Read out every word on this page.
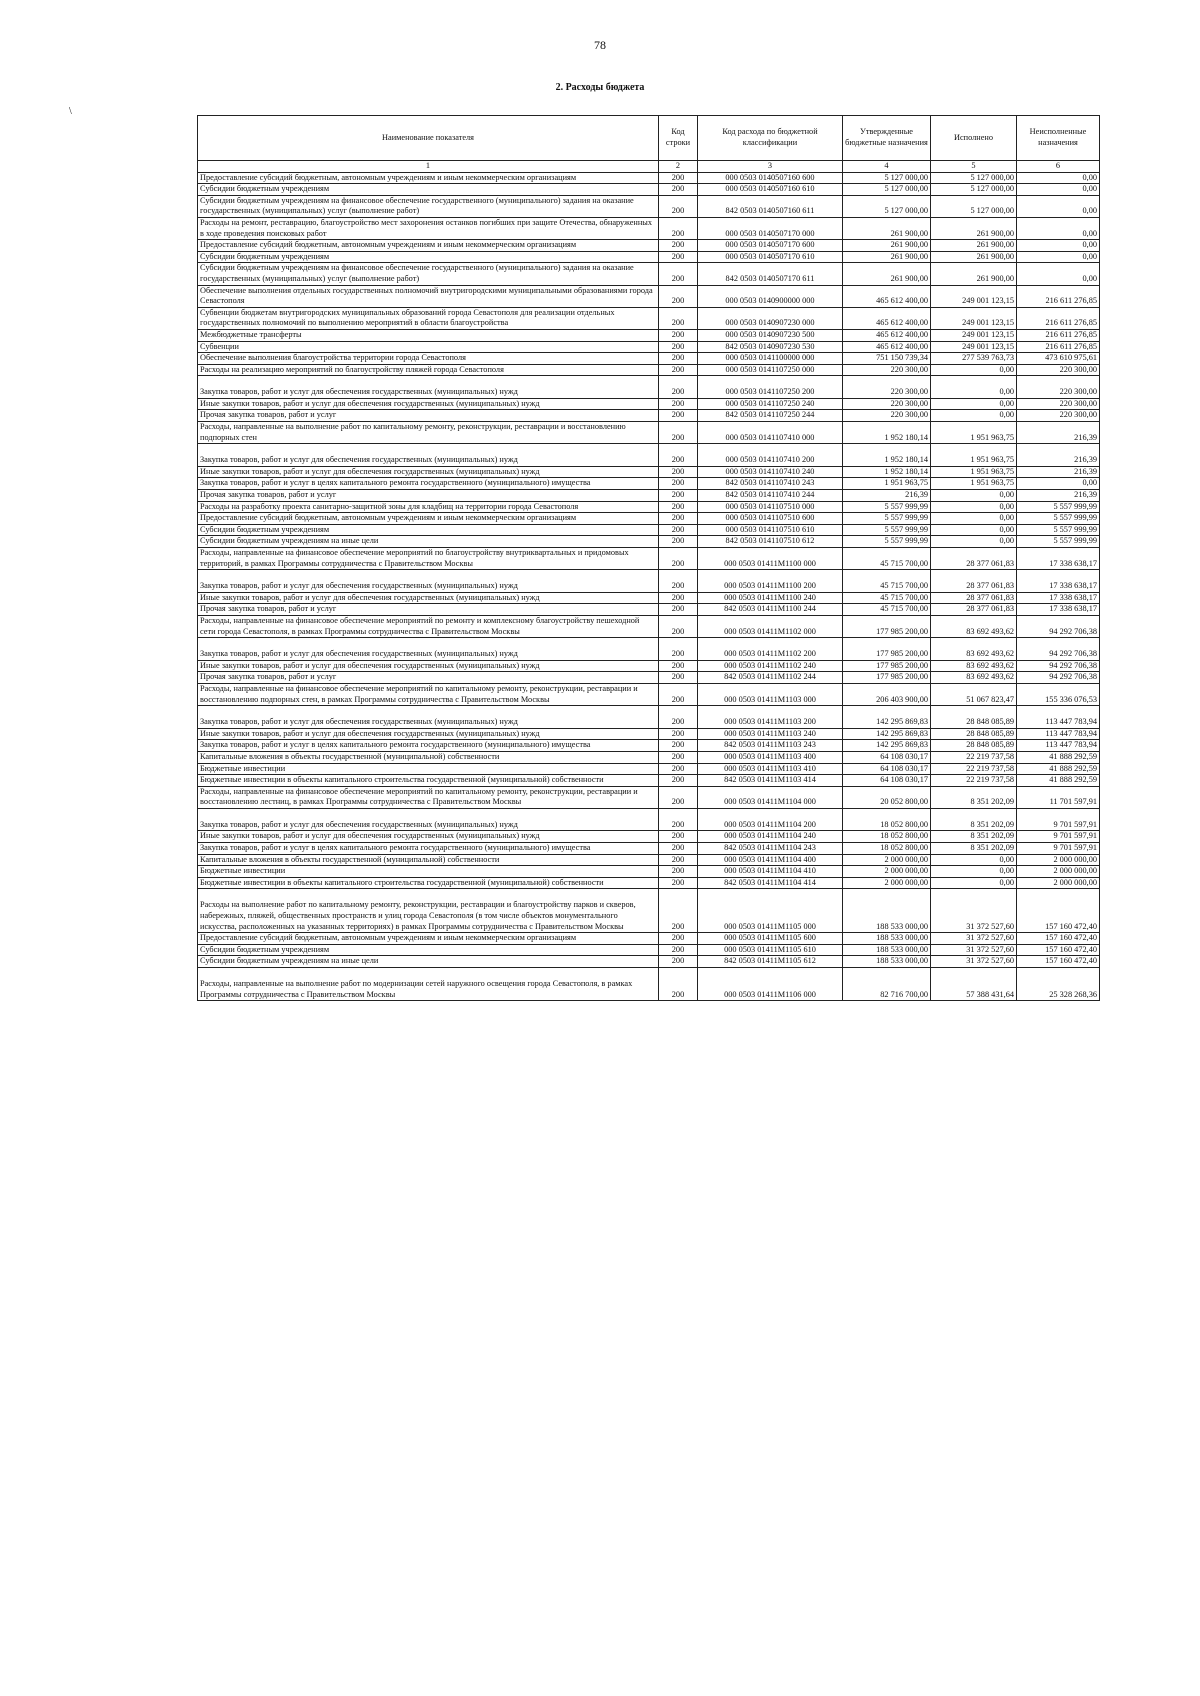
78
2. Расходы бюджета
\
Наименование показателя	Код строки	Код расхода по бюджетной классификации	Утвержденные бюджетные назначения	Исполнено	Неисполненные назначения
1	2	3	4	5	6
Предоставление субсидий бюджетным, автономным учреждениям и иным некоммерческим организациям	200	000 0503 0140507160 600	5 127 000,00	5 127 000,00	0,00
Субсидии бюджетным учреждениям	200	000 0503 0140507160 610	5 127 000,00	5 127 000,00	0,00
Субсидии бюджетным учреждениям на финансовое обеспечение государственного (муниципального) задания на оказание государственных (муниципальных) услуг (выполнение работ)	200	842 0503 0140507160 611	5 127 000,00	5 127 000,00	0,00
Расходы на ремонт, реставрацию, благоустройство мест захоронения останков погибших при защите Отечества, обнаруженных в ходе проведения поисковых работ	200	000 0503 0140507170 000	261 900,00	261 900,00	0,00
Предоставление субсидий бюджетным, автономным учреждениям и иным некоммерческим организациям	200	000 0503 0140507170 600	261 900,00	261 900,00	0,00
Субсидии бюджетным учреждениям	200	000 0503 0140507170 610	261 900,00	261 900,00	0,00
Субсидии бюджетным учреждениям на финансовое обеспечение государственного (муниципального) задания на оказание государственных (муниципальных) услуг (выполнение работ)	200	842 0503 0140507170 611	261 900,00	261 900,00	0,00
Обеспечение выполнения отдельных государственных полномочий внутригородскими муниципальными образованиями города Севастополя	200	000 0503 0140900000 000	465 612 400,00	249 001 123,15	216 611 276,85
Субвенции бюджетам внутригородских муниципальных образований города Севастополя для реализации отдельных государственных полномочий по выполнению мероприятий в области благоустройства	200	000 0503 0140907230 000	465 612 400,00	249 001 123,15	216 611 276,85
Межбюджетные трансферты	200	000 0503 0140907230 500	465 612 400,00	249 001 123,15	216 611 276,85
Субвенции	200	842 0503 0140907230 530	465 612 400,00	249 001 123,15	216 611 276,85
Обеспечение выполнения благоустройства территории города Севастополя	200	000 0503 0141100000 000	751 150 739,34	277 539 763,73	473 610 975,61
Расходы на реализацию мероприятий по благоустройству пляжей города Севастополя	200	000 0503 0141107250 000	220 300,00	0,00	220 300,00
Закупка товаров, работ и услуг для обеспечения государственных (муниципальных) нужд	200	000 0503 0141107250 200	220 300,00	0,00	220 300,00
Иные закупки товаров, работ и услуг для обеспечения государственных (муниципальных) нужд	200	000 0503 0141107250 240	220 300,00	0,00	220 300,00
Прочая закупка товаров, работ и услуг	200	842 0503 0141107250 244	220 300,00	0,00	220 300,00
Расходы, направленные на выполнение работ по капитальному ремонту, реконструкции, реставрации и восстановлению подпорных стен	200	000 0503 0141107410 000	1 952 180,14	1 951 963,75	216,39
Закупка товаров, работ и услуг для обеспечения государственных (муниципальных) нужд	200	000 0503 0141107410 200	1 952 180,14	1 951 963,75	216,39
Иные закупки товаров, работ и услуг для обеспечения государственных (муниципальных) нужд	200	000 0503 0141107410 240	1 952 180,14	1 951 963,75	216,39
Закупка товаров, работ и услуг в целях капитального ремонта государственного (муниципального) имущества	200	842 0503 0141107410 243	1 951 963,75	1 951 963,75	0,00
Прочая закупка товаров, работ и услуг	200	842 0503 0141107410 244	216,39	0,00	216,39
Расходы на разработку проекта санитарно-защитной зоны для кладбищ на территории города Севастополя	200	000 0503 0141107510 000	5 557 999,99	0,00	5 557 999,99
Предоставление субсидий бюджетным, автономным учреждениям и иным некоммерческим организациям	200	000 0503 0141107510 600	5 557 999,99	0,00	5 557 999,99
Субсидии бюджетным учреждениям	200	000 0503 0141107510 610	5 557 999,99	0,00	5 557 999,99
Субсидии бюджетным учреждениям на иные цели	200	842 0503 0141107510 612	5 557 999,99	0,00	5 557 999,99
Расходы, направленные на финансовое обеспечение мероприятий по благоустройству внутриквартальных и придомовых территорий, в рамках Программы сотрудничества с Правительством Москвы	200	000 0503 01411М1100 000	45 715 700,00	28 377 061,83	17 338 638,17
Закупка товаров, работ и услуг для обеспечения государственных (муниципальных) нужд	200	000 0503 01411М1100 200	45 715 700,00	28 377 061,83	17 338 638,17
Иные закупки товаров, работ и услуг для обеспечения государственных (муниципальных) нужд	200	000 0503 01411М1100 240	45 715 700,00	28 377 061,83	17 338 638,17
Прочая закупка товаров, работ и услуг	200	842 0503 01411М1100 244	45 715 700,00	28 377 061,83	17 338 638,17
Расходы, направленные на финансовое обеспечение мероприятий по ремонту и комплексному благоустройству пешеходной сети города Севастополя, в рамках Программы сотрудничества с Правительством Москвы	200	000 0503 01411М1102 000	177 985 200,00	83 692 493,62	94 292 706,38
Закупка товаров, работ и услуг для обеспечения государственных (муниципальных) нужд	200	000 0503 01411М1102 200	177 985 200,00	83 692 493,62	94 292 706,38
Иные закупки товаров, работ и услуг для обеспечения государственных (муниципальных) нужд	200	000 0503 01411М1102 240	177 985 200,00	83 692 493,62	94 292 706,38
Прочая закупка товаров, работ и услуг	200	842 0503 01411М1102 244	177 985 200,00	83 692 493,62	94 292 706,38
Расходы, направленные на финансовое обеспечение мероприятий по капитальному ремонту, реконструкции, реставрации и восстановлению подпорных стен, в рамках Программы сотрудничества с Правительством Москвы	200	000 0503 01411М1103 000	206 403 900,00	51 067 823,47	155 336 076,53
Закупка товаров, работ и услуг для обеспечения государственных (муниципальных) нужд	200	000 0503 01411М1103 200	142 295 869,83	28 848 085,89	113 447 783,94
Иные закупки товаров, работ и услуг для обеспечения государственных (муниципальных) нужд	200	000 0503 01411М1103 240	142 295 869,83	28 848 085,89	113 447 783,94
Закупка товаров, работ и услуг в целях капитального ремонта государственного (муниципального) имущества	200	842 0503 01411М1103 243	142 295 869,83	28 848 085,89	113 447 783,94
Капитальные вложения в объекты государственной (муниципальной) собственности	200	000 0503 01411М1103 400	64 108 030,17	22 219 737,58	41 888 292,59
Бюджетные инвестиции	200	000 0503 01411М1103 410	64 108 030,17	22 219 737,58	41 888 292,59
Бюджетные инвестиции в объекты капитального строительства государственной (муниципальной) собственности	200	842 0503 01411М1103 414	64 108 030,17	22 219 737,58	41 888 292,59
Расходы, направленные на финансовое обеспечение мероприятий по капитальному ремонту, реконструкции, реставрации и восстановлению лестниц, в рамках Программы сотрудничества с Правительством Москвы	200	000 0503 01411М1104 000	20 052 800,00	8 351 202,09	11 701 597,91
Закупка товаров, работ и услуг для обеспечения государственных (муниципальных) нужд	200	000 0503 01411М1104 200	18 052 800,00	8 351 202,09	9 701 597,91
Иные закупки товаров, работ и услуг для обеспечения государственных (муниципальных) нужд	200	000 0503 01411М1104 240	18 052 800,00	8 351 202,09	9 701 597,91
Закупка товаров, работ и услуг в целях капитального ремонта государственного (муниципального) имущества	200	842 0503 01411М1104 243	18 052 800,00	8 351 202,09	9 701 597,91
Капитальные вложения в объекты государственной (муниципальной) собственности	200	000 0503 01411М1104 400	2 000 000,00	0,00	2 000 000,00
Бюджетные инвестиции	200	000 0503 01411М1104 410	2 000 000,00	0,00	2 000 000,00
Бюджетные инвестиции в объекты капитального строительства государственной (муниципальной) собственности	200	842 0503 01411М1104 414	2 000 000,00	0,00	2 000 000,00
Расходы на выполнение работ по капитальному ремонту, реконструкции, реставрации и благоустройству парков и скверов, набережных, пляжей, общественных пространств и улиц города Севастополя (в том числе объектов монументального искусства, расположенных на указанных территориях) в рамках Программы сотрудничества с Правительством Москвы	200	000 0503 01411М1105 000	188 533 000,00	31 372 527,60	157 160 472,40
Предоставление субсидий бюджетным, автономным учреждениям и иным некоммерческим организациям	200	000 0503 01411М1105 600	188 533 000,00	31 372 527,60	157 160 472,40
Субсидии бюджетным учреждениям	200	000 0503 01411М1105 610	188 533 000,00	31 372 527,60	157 160 472,40
Субсидии бюджетным учреждениям на иные цели	200	842 0503 01411М1105 612	188 533 000,00	31 372 527,60	157 160 472,40
Расходы, направленные на выполнение работ по модернизации сетей наружного освещения города Севастополя, в рамках Программы сотрудничества с Правительством Москвы	200	000 0503 01411М1106 000	82 716 700,00	57 388 431,64	25 328 268,36
